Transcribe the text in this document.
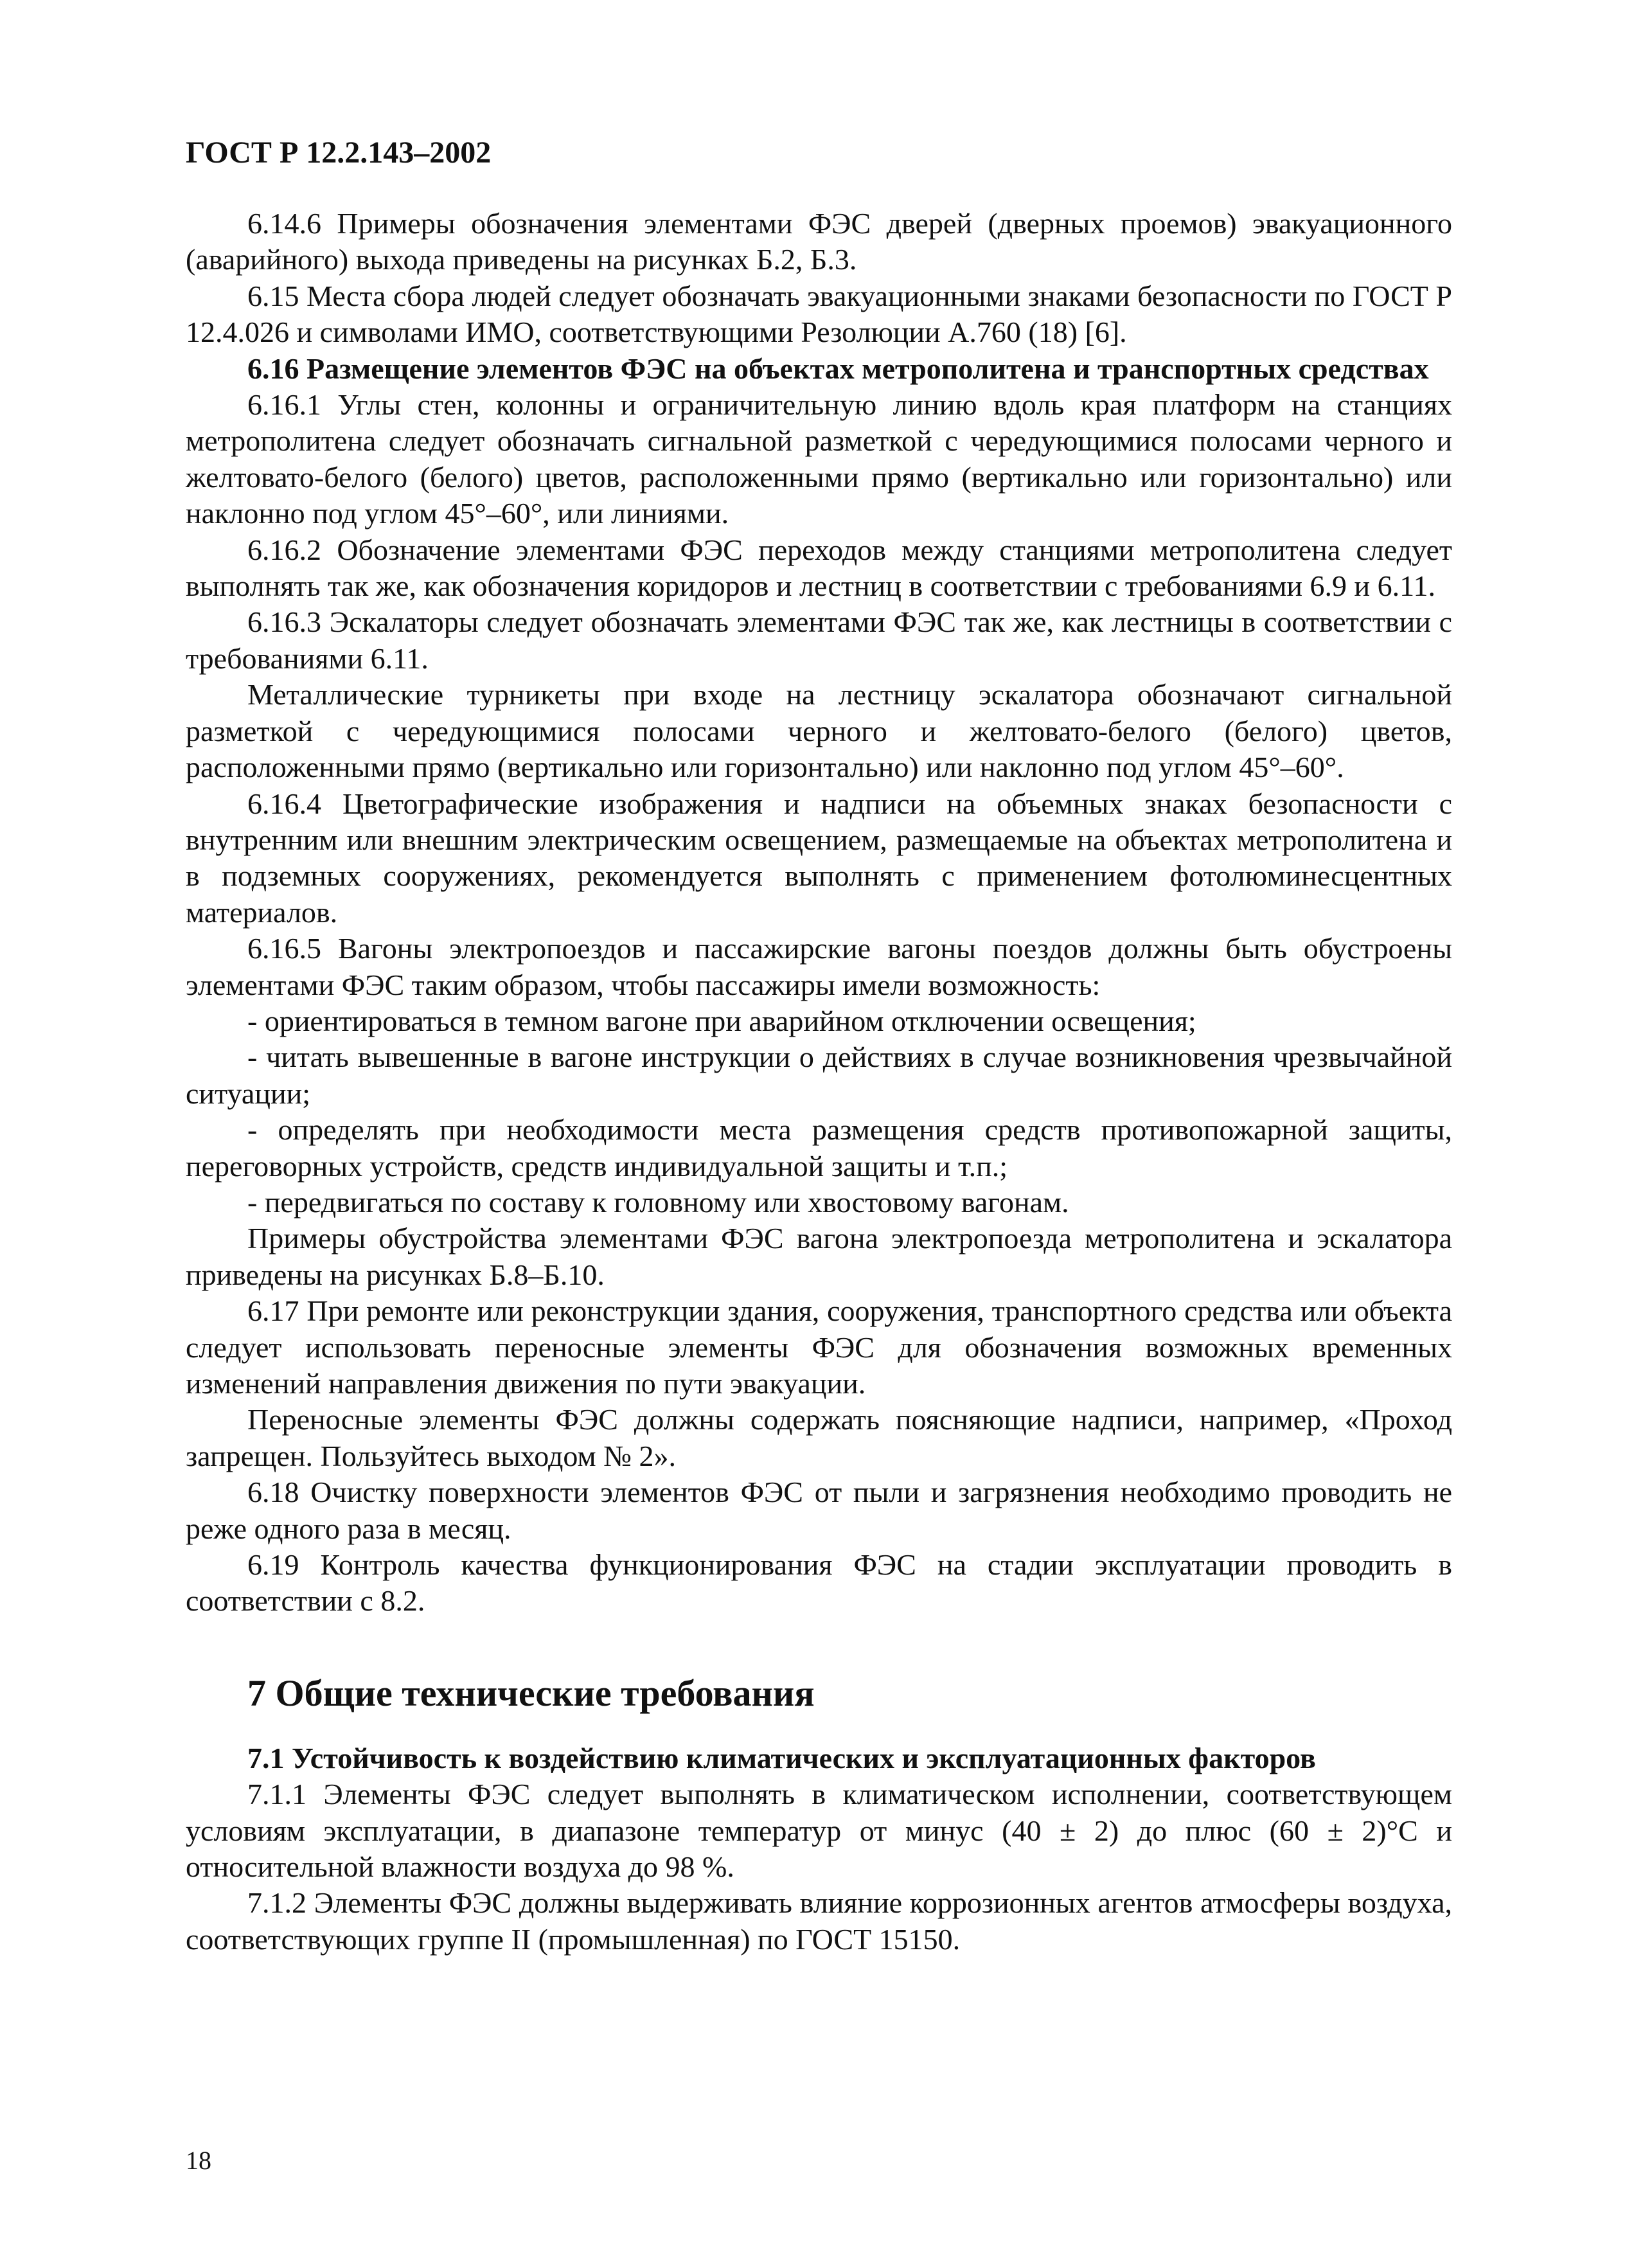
ГОСТ Р 12.2.143–2002

6.14.6 Примеры обозначения элементами ФЭС дверей (дверных проемов) эвакуационного (аварийного) выхода приведены на рисунках Б.2, Б.3.

6.15 Места сбора людей следует обозначать эвакуационными знаками безопасности по ГОСТ Р 12.4.026 и символами ИМО, соответствующими Резолюции А.760 (18) [6].

6.16 Размещение элементов ФЭС на объектах метрополитена и транспортных средствах

6.16.1 Углы стен, колонны и ограничительную линию вдоль края платформ на станциях метрополитена следует обозначать сигнальной разметкой с чередующимися полосами черного и желтовато-белого (белого) цветов, расположенными прямо (вертикально или горизонтально) или наклонно под углом 45°–60°, или линиями.

6.16.2 Обозначение элементами ФЭС переходов между станциями метрополитена следует выполнять так же, как обозначения коридоров и лестниц в соответствии с требованиями 6.9 и 6.11.

6.16.3 Эскалаторы следует обозначать элементами ФЭС так же, как лестницы в соответствии с требованиями 6.11.

Металлические турникеты при входе на лестницу эскалатора обозначают сигнальной разметкой с чередующимися полосами черного и желтовато-белого (белого) цветов, расположенными прямо (вертикально или горизонтально) или наклонно под углом 45°–60°.

6.16.4 Цветографические изображения и надписи на объемных знаках безопасности с внутренним или внешним электрическим освещением, размещаемые на объектах метрополитена и в подземных сооружениях, рекомендуется выполнять с применением фотолюминесцентных материалов.

6.16.5 Вагоны электропоездов и пассажирские вагоны поездов должны быть обустроены элементами ФЭС таким образом, чтобы пассажиры имели возможность:

- ориентироваться в темном вагоне при аварийном отключении освещения;

- читать вывешенные в вагоне инструкции о действиях в случае возникновения чрезвычайной ситуации;

- определять при необходимости места размещения средств противопожарной защиты, переговорных устройств, средств индивидуальной защиты и т.п.;

- передвигаться по составу к головному или хвостовому вагонам.

Примеры обустройства элементами ФЭС вагона электропоезда метрополитена и эскалатора приведены на рисунках Б.8–Б.10.

6.17 При ремонте или реконструкции здания, сооружения, транспортного средства или объекта следует использовать переносные элементы ФЭС для обозначения возможных временных изменений направления движения по пути эвакуации.

Переносные элементы ФЭС должны содержать поясняющие надписи, например, «Проход запрещен. Пользуйтесь выходом № 2».

6.18 Очистку поверхности элементов ФЭС от пыли и загрязнения необходимо проводить не реже одного раза в месяц.

6.19 Контроль качества функционирования ФЭС на стадии эксплуатации проводить в соответствии с 8.2.

7 Общие технические требования

7.1 Устойчивость к воздействию климатических и эксплуатационных факторов

7.1.1 Элементы ФЭС следует выполнять в климатическом исполнении, соответствующем условиям эксплуатации, в диапазоне температур от минус (40 ± 2) до плюс (60 ± 2)°С и относительной влажности воздуха до 98 %.

7.1.2 Элементы ФЭС должны выдерживать влияние коррозионных агентов атмосферы воздуха, соответствующих группе II (промышленная) по ГОСТ 15150.

18
